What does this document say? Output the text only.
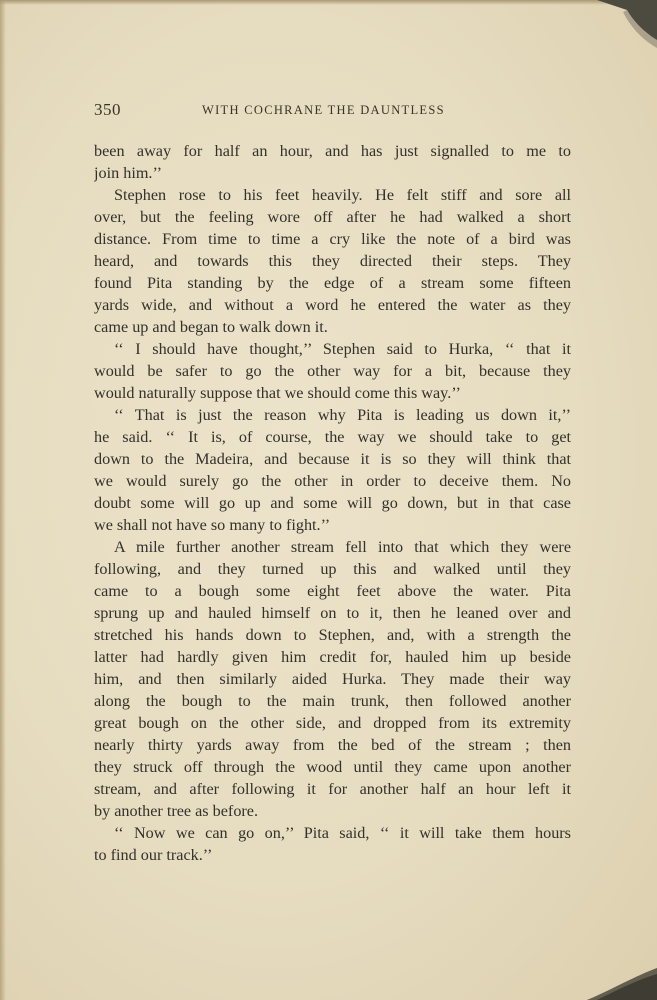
350	WITH COCHRANE THE DAUNTLESS
been away for half an hour, and has just signalled to me to
join him.’’
Stephen rose to his feet heavily. He felt stiff and sore all
over, but the feeling wore off after he had walked a short
distance. From time to time a cry like the note of a bird was
heard, and towards this they directed their steps. They
found Pita standing by the edge of a stream some fifteen
yards wide, and without a word he entered the water as they
came up and began to walk down it.
‘‘ I should have thought,’’ Stephen said to Hurka, ‘‘ that it
would be safer to go the other way for a bit, because they
would naturally suppose that we should come this way.’’
‘‘ That is just the reason why Pita is leading us down it,’’
he said. ‘‘ It is, of course, the way we should take to get
down to the Madeira, and because it is so they will think that
we would surely go the other in order to deceive them. No
doubt some will go up and some will go down, but in that case
we shall not have so many to fight.’’
A mile further another stream fell into that which they were
following, and they turned up this and walked until they
came to a bough some eight feet above the water. Pita
sprung up and hauled himself on to it, then he leaned over and
stretched his hands down to Stephen, and, with a strength the
latter had hardly given him credit for, hauled him up beside
him, and then similarly aided Hurka. They made their way
along the bough to the main trunk, then followed another
great bough on the other side, and dropped from its extremity
nearly thirty yards away from the bed of the stream ; then
they struck off through the wood until they came upon another
stream, and after following it for another half an hour left it
by another tree as before.
‘‘ Now we can go on,’’ Pita said, ‘‘ it will take them hours
to find our track.’’
